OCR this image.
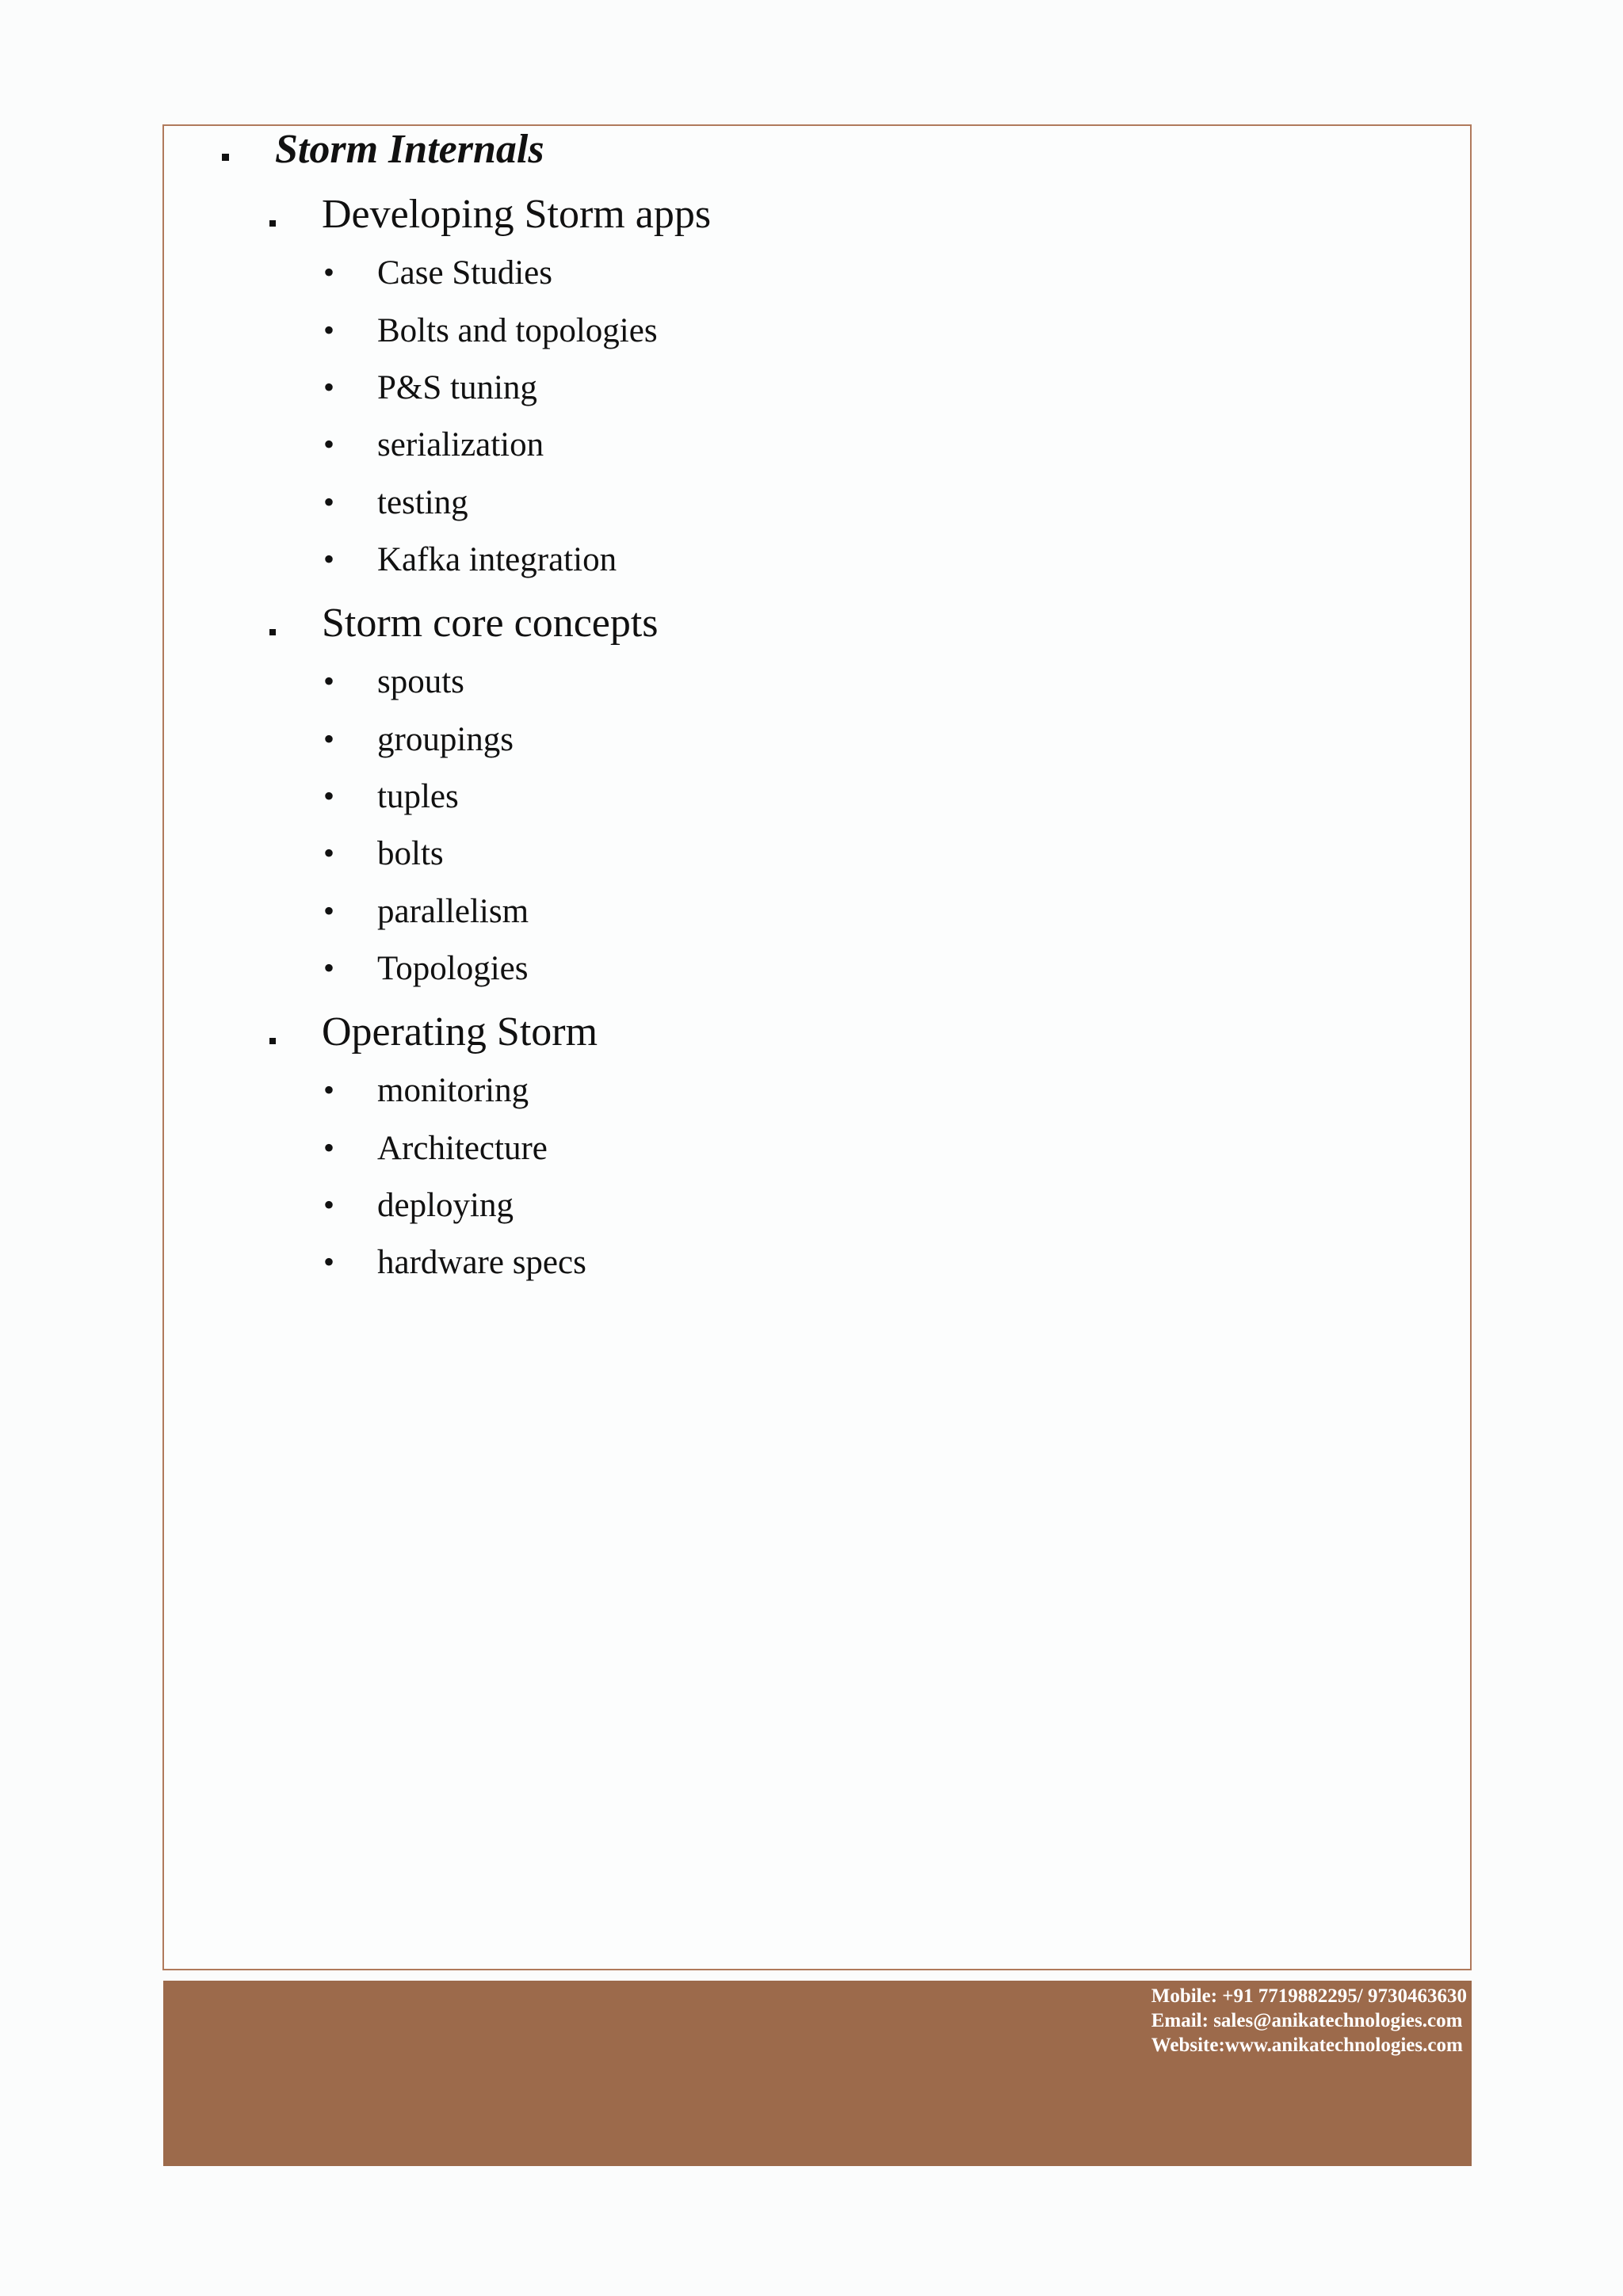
Storm Internals
Developing Storm apps
• Case Studies
• Bolts and topologies
• P&S tuning
• serialization
• testing
• Kafka integration
Storm core concepts
• spouts
• groupings
• tuples
• bolts
• parallelism
• Topologies
Operating Storm
• monitoring
• Architecture
• deploying
• hardware specs
Mobile: +91 7719882295/ 9730463630
Email: sales@anikatechnologies.com
Website:www.anikatechnologies.com
